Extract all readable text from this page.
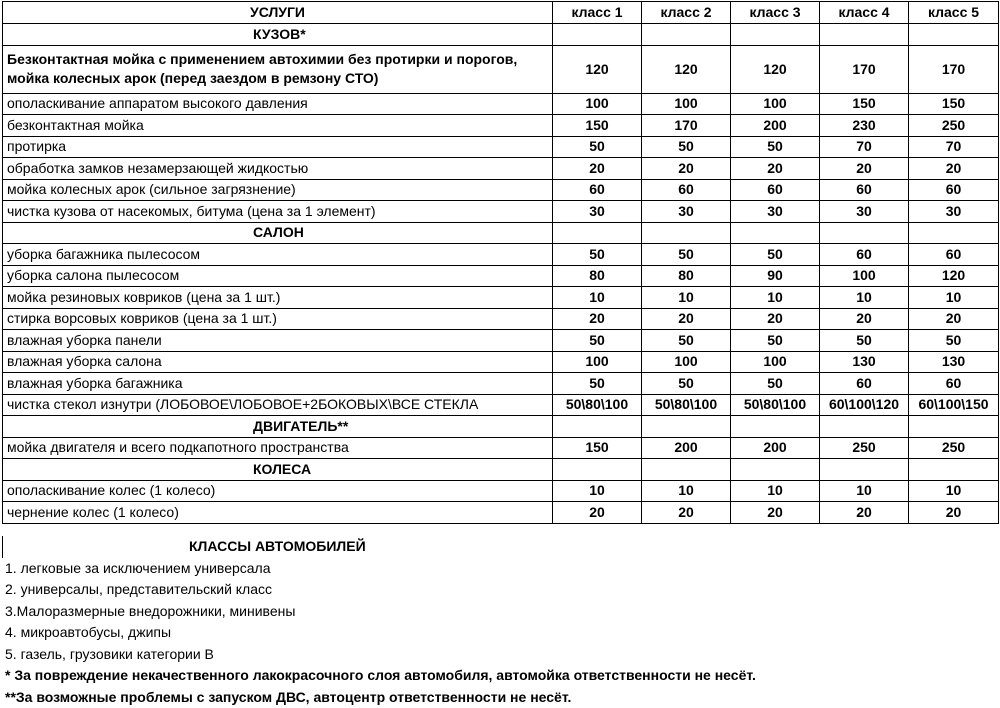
УСЛУГИ	класс 1	класс 2	класс 3	класс 4	класс 5
КУЗОВ*					
Безконтактная мойка с применением автохимии без протирки и порогов, мойка колесных арок (перед заездом в ремзону СТО)	120	120	120	170	170
ополаскивание аппаратом высокого давления	100	100	100	150	150
безконтактная мойка	150	170	200	230	250
протирка	50	50	50	70	70
обработка замков незамерзающей жидкостью	20	20	20	20	20
мойка колесных арок (сильное загрязнение)	60	60	60	60	60
чистка кузова от насекомых, битума (цена за 1 элемент)	30	30	30	30	30
САЛОН					
уборка багажника пылесосом	50	50	50	60	60
уборка салона пылесосом	80	80	90	100	120
мойка резиновых ковриков (цена за 1 шт.)	10	10	10	10	10
стирка ворсовых ковриков (цена за 1 шт.)	20	20	20	20	20
влажная уборка панели	50	50	50	50	50
влажная уборка салона	100	100	100	130	130
влажная уборка багажника	50	50	50	60	60
чистка стекол изнутри (ЛОБОВОЕ\ЛОБОВОЕ+2БОКОВЫХ\ВСЕ СТЕКЛА	50\80\100	50\80\100	50\80\100	60\100\120	60\100\150
ДВИГАТЕЛЬ**					
мойка двигателя и всего подкапотного пространства	150	200	200	250	250
КОЛЕСА					
ополаскивание колес (1 колесо)	10	10	10	10	10
чернение колес (1 колесо)	20	20	20	20	20
КЛАССЫ АВТОМОБИЛЕЙ
1. легковые за исключением универсала
2. универсалы, представительский класс
3.Малоразмерные внедорожники, минивены
4. микроавтобусы, джипы
5. газель, грузовики категории В
* За повреждение некачественного лакокрасочного слоя автомобиля, автомойка ответственности не несёт.
**За возможные проблемы с запуском ДВС, автоцентр ответственности не несёт.
